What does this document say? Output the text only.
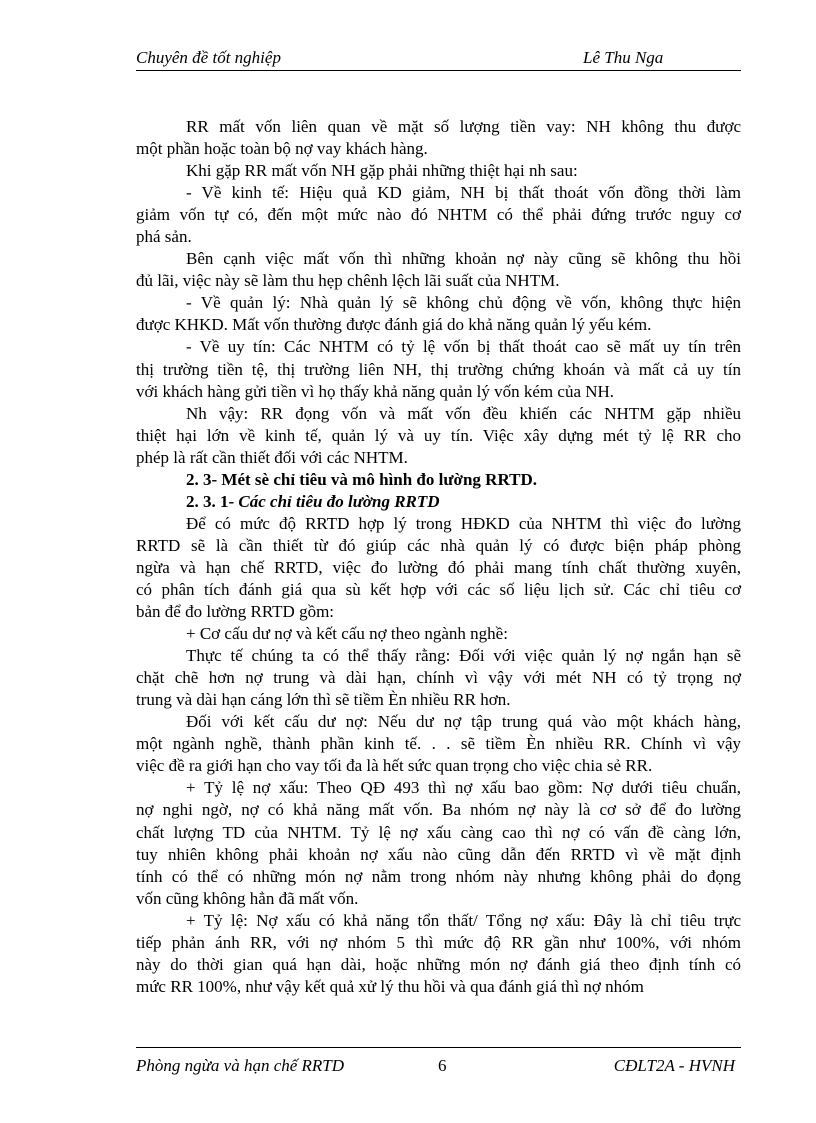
Chuyên đề tốt nghiệp	Lê Thu Nga
RR mất vốn liên quan về mặt số lượng tiền vay: NH không thu được
một phần hoặc toàn bộ nợ vay khách hàng.
Khi gặp RR mất vốn NH gặp phải những thiệt hại nh sau:
- Về kinh tế: Hiệu quả KD giảm, NH bị thất thoát vốn đồng thời làm
giảm vốn tự có, đến một mức nào đó NHTM có thể phải đứng trước nguy cơ
phá sản.
Bên cạnh việc mất vốn thì những khoản nợ này cũng sẽ không thu hồi
đủ lãi, việc này sẽ làm thu hẹp chênh lệch lãi suất của NHTM.
- Về quản lý: Nhà quản lý sẽ không chủ động về vốn, không thực hiện
được KHKD. Mất vốn thường được đánh giá do khả năng quản lý yếu kém.
- Về uy tín: Các NHTM có tỷ lệ vốn bị thất thoát cao sẽ mất uy tín trên
thị trường tiền tệ, thị trường liên NH, thị trường chứng khoán và mất cả uy tín
với khách hàng gửi tiền vì họ thấy khả năng quản lý vốn kém của NH.
Nh vậy: RR đọng vốn và mất vốn đều khiến các NHTM gặp nhiều
thiệt hại lớn về kinh tế, quản lý và uy tín. Việc xây dựng mét tỷ lệ RR cho
phép là rất cần thiết đối với các NHTM.
2. 3- Mét sè chỉ tiêu và mô hình đo lường RRTD.
2. 3. 1- Các chỉ tiêu đo lường RRTD
Để có mức độ RRTD hợp lý trong HĐKD của NHTM thì việc đo lường
RRTD sẽ là cần thiết từ đó giúp các nhà quản lý có được biện pháp phòng
ngừa và hạn chế RRTD, việc đo lường đó phải mang tính chất thường xuyên,
có phân tích đánh giá qua sù kết hợp với các số liệu lịch sử. Các chỉ tiêu cơ
bản để đo lường RRTD gồm:
+ Cơ cấu dư nợ và kết cấu nợ theo ngành nghề:
Thực tế chúng ta có thể thấy rằng: Đối với việc quản lý nợ ngắn hạn sẽ
chặt chẽ hơn nợ trung và dài hạn, chính vì vậy với mét NH có tỷ trọng nợ
trung và dài hạn cáng lớn thì sẽ tiềm Èn nhiều RR hơn.
Đối với kết cấu dư nợ: Nếu dư nợ tập trung quá vào một khách hàng,
một ngành nghề, thành phần kinh tế. . . sẽ tiềm Èn nhiều RR. Chính vì vậy
việc đề ra giới hạn cho vay tối đa là hết sức quan trọng cho việc chia sẻ RR.
+ Tỷ lệ nợ xấu: Theo QĐ 493 thì nợ xấu bao gồm: Nợ dưới tiêu chuẩn,
nợ nghi ngờ, nợ có khả năng mất vốn. Ba nhóm nợ này là cơ sở để đo lường
chất lượng TD của NHTM. Tỷ lệ nợ xấu càng cao thì nợ có vấn đề càng lớn,
tuy nhiên không phải khoản nợ xấu nào cũng dẫn đến RRTD vì về mặt định
tính có thể có những món nợ nằm trong nhóm này nhưng không phải do đọng
vốn cũng không hẳn đã mất vốn.
+ Tỷ lệ: Nợ xấu có khả năng tổn thất/ Tổng nợ xấu: Đây là chỉ tiêu trực
tiếp phản ánh RR, với nợ nhóm 5 thì mức độ RR gần như 100%, với nhóm
này do thời gian quá hạn dài, hoặc những món nợ đánh giá theo định tính có
mức RR 100%, như vậy kết quả xử lý thu hồi và qua đánh giá thì nợ nhóm
Phòng ngừa và hạn chế RRTD	6	CĐLT2A - HVNH
